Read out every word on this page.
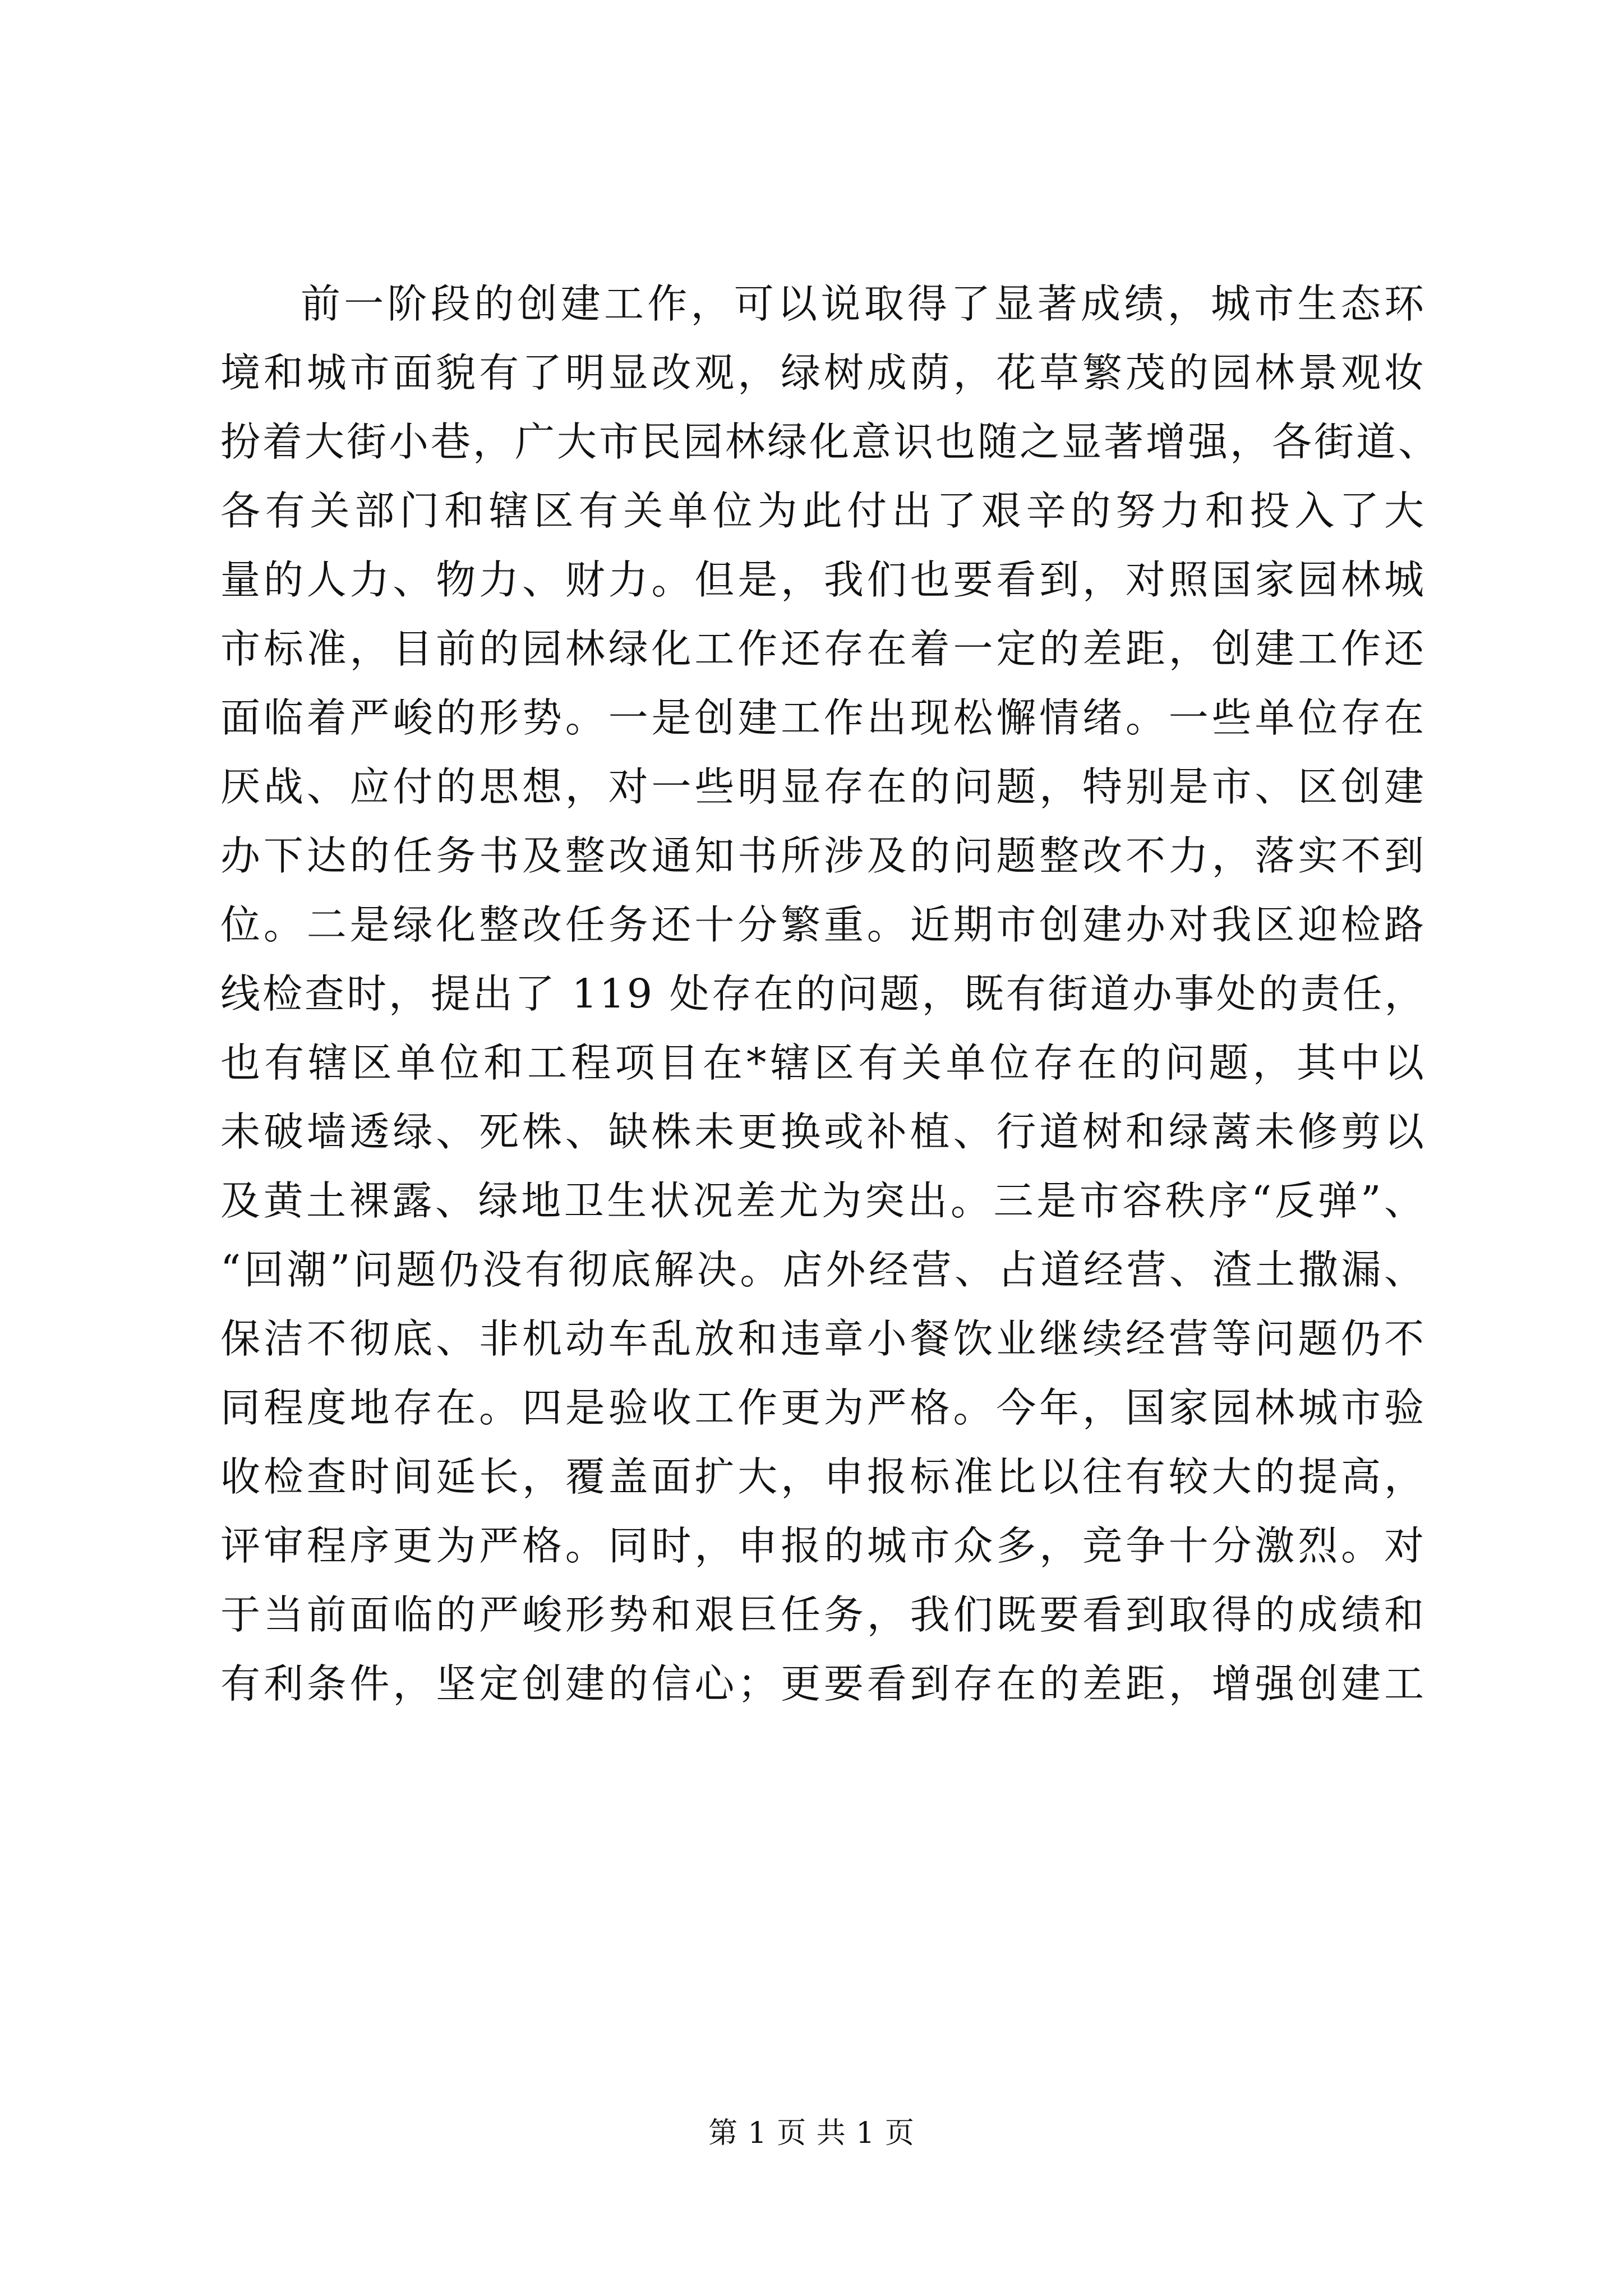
前一阶段的创建工作，可以说取得了显著成绩，城市生态环
境和城市面貌有了明显改观，绿树成荫，花草繁茂的园林景观妆
扮着大街小巷，广大市民园林绿化意识也随之显著增强，各街道、
各有关部门和辖区有关单位为此付出了艰辛的努力和投入了大
量的人力、物力、财力。但是，我们也要看到，对照国家园林城
市标准，目前的园林绿化工作还存在着一定的差距，创建工作还
面临着严峻的形势。一是创建工作出现松懈情绪。一些单位存在
厌战、应付的思想，对一些明显存在的问题，特别是市、区创建
办下达的任务书及整改通知书所涉及的问题整改不力，落实不到
位。二是绿化整改任务还十分繁重。近期市创建办对我区迎检路
线检查时，提出了 119 处存在的问题，既有街道办事处的责任，
也有辖区单位和工程项目在*辖区有关单位存在的问题，其中以
未破墙透绿、死株、缺株未更换或补植、行道树和绿蓠未修剪以
及黄土裸露、绿地卫生状况差尤为突出。三是市容秩序“反弹”、
“回潮”问题仍没有彻底解决。店外经营、占道经营、渣土撒漏、
保洁不彻底、非机动车乱放和违章小餐饮业继续经营等问题仍不
同程度地存在。四是验收工作更为严格。今年，国家园林城市验
收检查时间延长，覆盖面扩大，申报标准比以往有较大的提高，
评审程序更为严格。同时，申报的城市众多，竞争十分激烈。对
于当前面临的严峻形势和艰巨任务，我们既要看到取得的成绩和
有利条件，坚定创建的信心；更要看到存在的差距，增强创建工
第 1 页 共 1 页
